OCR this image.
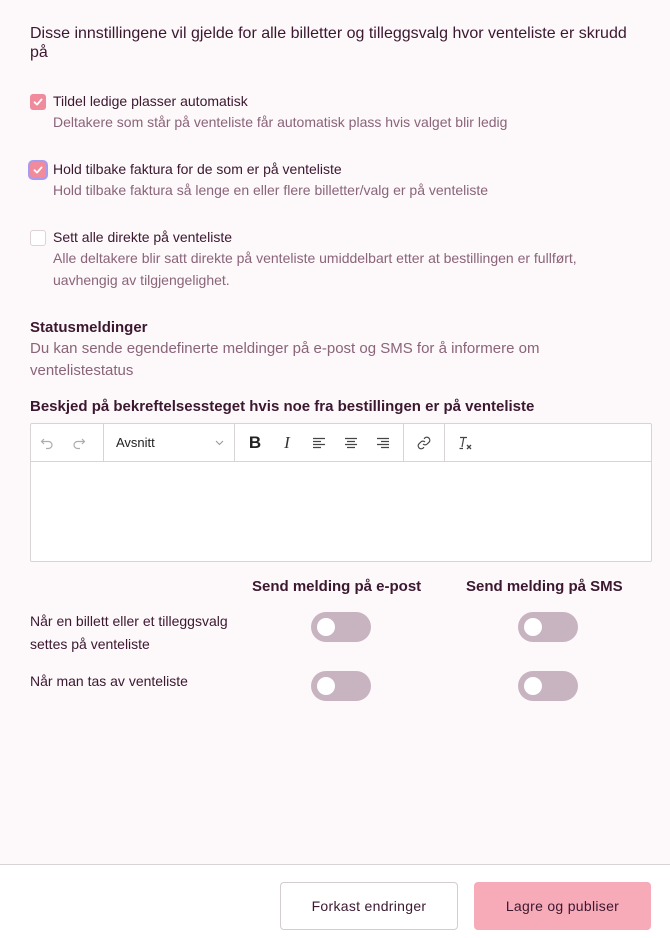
Disse innstillingene vil gjelde for alle billetter og tilleggsvalg hvor venteliste er skrudd på
Tildel ledige plasser automatisk
Deltakere som står på venteliste får automatisk plass hvis valget blir ledig
Hold tilbake faktura for de som er på venteliste
Hold tilbake faktura så lenge en eller flere billetter/valg er på venteliste
Sett alle direkte på venteliste
Alle deltakere blir satt direkte på venteliste umiddelbart etter at bestillingen er fullført, uavhengig av tilgjengelighet.
Statusmeldinger
Du kan sende egendefinerte meldinger på e-post og SMS for å informere om ventelistestatus
Beskjed på bekreftelsessteget hvis noe fra bestillingen er på venteliste
Avsnitt	B I
Send melding på e-post	Send melding på SMS
Når en billett eller et tilleggsvalg settes på venteliste
Når man tas av venteliste
Forkast endringer	Lagre og publiser
